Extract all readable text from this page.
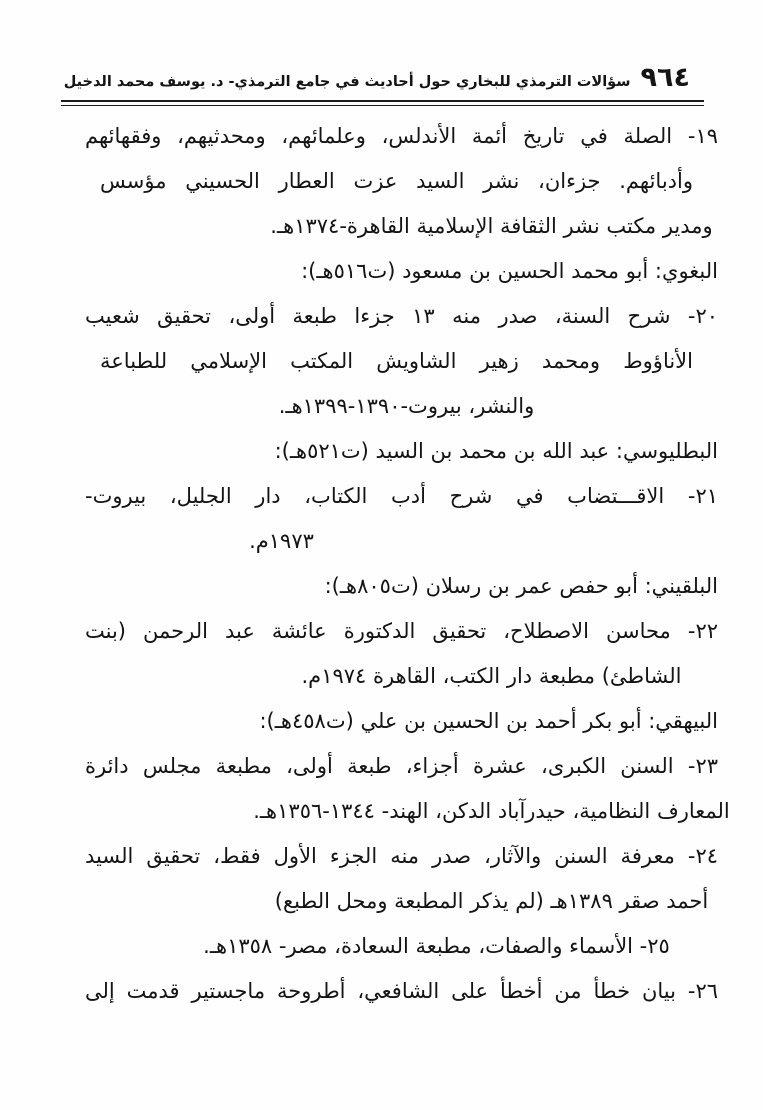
٩٦٤
سؤالات الترمذي للبخاري حول أحاديث في جامع الترمذي- د. يوسف محمد الدخيل
١٩- الصلة في تاريخ أئمة الأندلس، وعلمائهم، ومحدثيهم، وفقهائهم
وأدبائهم. جزءان، نشر السيد عزت العطار الحسيني مؤسس
ومدير مكتب نشر الثقافة الإسلامية القاهرة-١٣٧٤هـ.
البغوي: أبو محمد الحسين بن مسعود (ت٥١٦هـ):
٢٠- شرح السنة، صدر منه ١٣ جزءا طبعة أولى، تحقيق شعيب
الأناؤوط ومحمد زهير الشاويش المكتب الإسلامي للطباعة
والنشر، بيروت-١٣٩٠-١٣٩٩هـ.
البطليوسي: عبد الله بن محمد بن السيد (ت٥٢١هـ):
٢١- الاقـــتضاب في شرح أدب الكتاب، دار الجليل، بيروت-
١٩٧٣م.
البلقيني: أبو حفص عمر بن رسلان (ت٨٠٥هـ):
٢٢- محاسن الاصطلاح، تحقيق الدكتورة عائشة عبد الرحمن (بنت
الشاطئ) مطبعة دار الكتب، القاهرة ١٩٧٤م.
البيهقي: أبو بكر أحمد بن الحسين بن علي (ت٤٥٨هـ):
٢٣- السنن الكبرى، عشرة أجزاء، طبعة أولى، مطبعة مجلس دائرة
المعارف النظامية، حيدرآباد الدكن، الهند- ١٣٤٤-١٣٥٦هـ.
٢٤- معرفة السنن والآثار، صدر منه الجزء الأول فقط، تحقيق السيد
أحمد صقر ١٣٨٩هـ (لم يذكر المطبعة ومحل الطبع)
٢٥- الأسماء والصفات، مطبعة السعادة، مصر- ١٣٥٨هـ.
٢٦- بيان خطأ من أخطأ على الشافعي، أطروحة ماجستير قدمت إلى
